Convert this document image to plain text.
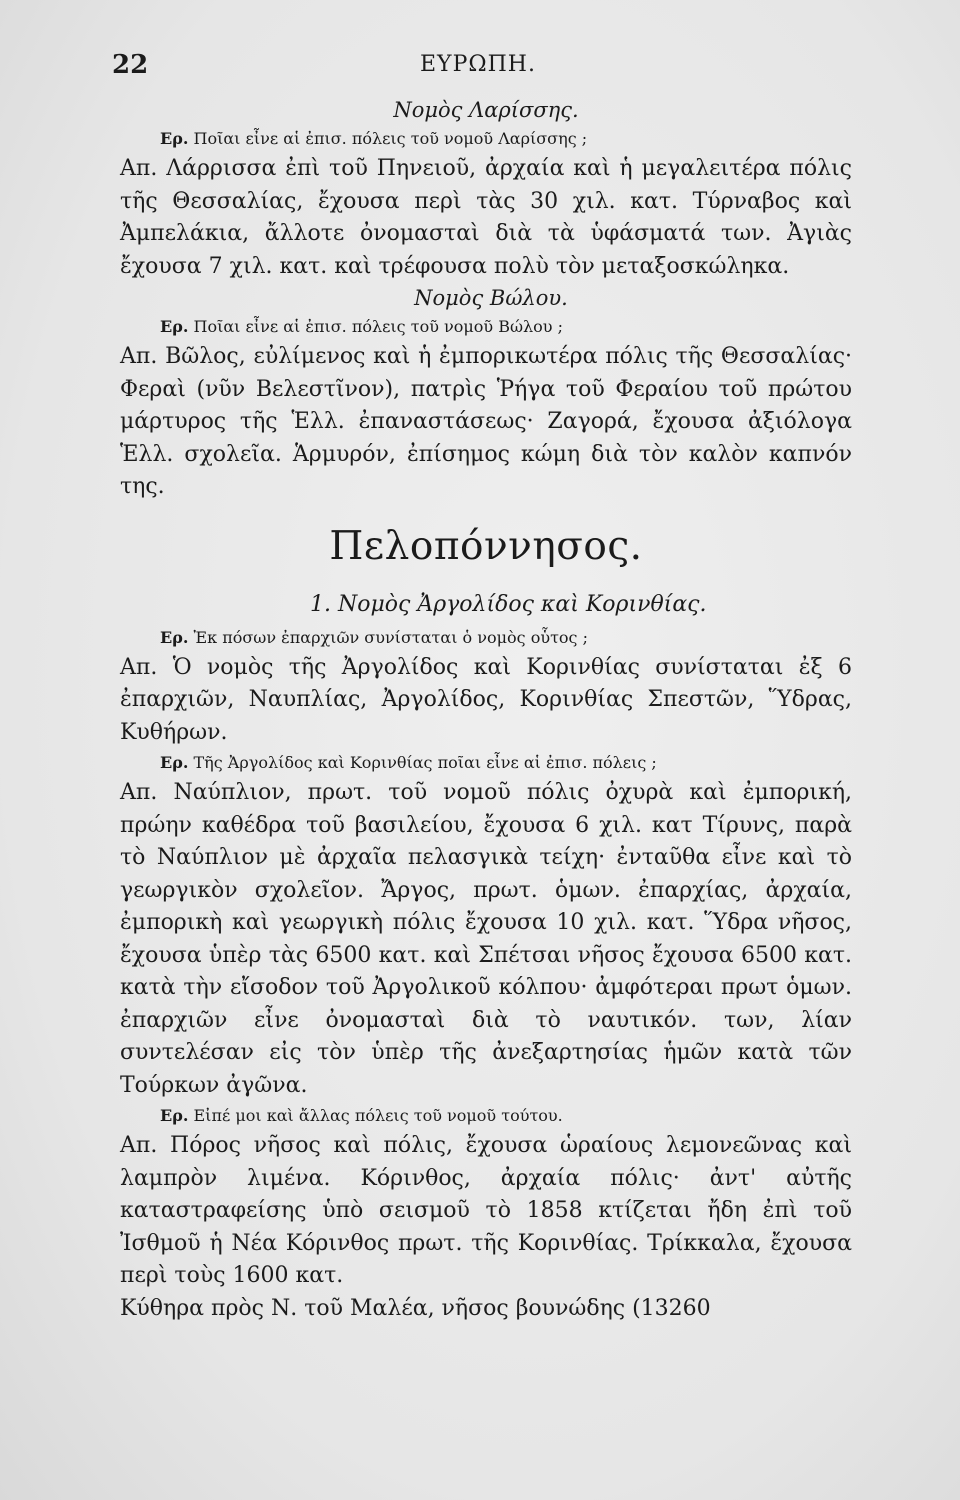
22	ΕΥΡΩΠΗ.

Νομὸς Λαρίσσης.

Ερ. Ποῖαι εἶνε αἱ ἐπισ. πόλεις τοῦ νομοῦ Λαρίσσης ;

Απ. Λάρρισσα ἐπὶ τοῦ Πηνειοῦ, ἀρχαία καὶ ἡ μεγαλειτέρα πόλις τῆς Θεσσαλίας, ἔχουσα περὶ τὰς 30 χιλ. κατ. Τύρναβος καὶ Ἀμπελάκια, ἄλλοτε ὀνομασταὶ διὰ τὰ ὑφάσματά των. Ἀγιὰς ἔχουσα 7 χιλ. κατ. καὶ τρέφουσα πολὺ τὸν μεταξοσκώληκα.

Νομὸς Βώλου.

Ερ. Ποῖαι εἶνε αἱ ἐπισ. πόλεις τοῦ νομοῦ Βώλου ;

Απ. Βῶλος, εὐλίμενος καὶ ἡ ἐμπορικωτέρα πόλις τῆς Θεσσαλίας· Φεραὶ (νῦν Βελεστῖνον), πατρὶς Ῥήγα τοῦ Φεραίου τοῦ πρώτου μάρτυρος τῆς Ἑλλ. ἐπαναστάσεως· Ζαγορά, ἔχουσα ἀξιόλογα Ἑλλ. σχολεῖα. Ἁρμυρόν, ἐπίσημος κώμη διὰ τὸν καλὸν καπνόν της.

Πελοπόννησος.

1. Νομὸς Ἀργολίδος καὶ Κορινθίας.

Ερ. Ἐκ πόσων ἐπαρχιῶν συνίσταται ὁ νομὸς οὗτος ;

Απ. Ὁ νομὸς τῆς Ἀργολίδος καὶ Κορινθίας συνίσταται ἐξ 6 ἐπαρχιῶν, Ναυπλίας, Ἀργολίδος, Κορινθίας Σπεστῶν, Ὕδρας, Κυθήρων.

Ερ. Τῆς Ἀργολίδος καὶ Κορινθίας ποῖαι εἶνε αἱ ἐπισ. πόλεις ;

Απ. Ναύπλιον, πρωτ. τοῦ νομοῦ πόλις ὀχυρὰ καὶ ἐμπορική, πρώην καθέδρα τοῦ βασιλείου, ἔχουσα 6 χιλ. κατ Τίρυνς, παρὰ τὸ Ναύπλιον μὲ ἀρχαῖα πελασγικὰ τείχη· ἐνταῦθα εἶνε καὶ τὸ γεωργικὸν σχολεῖον. Ἄργος, πρωτ. ὁμων. ἐπαρχίας, ἀρχαία, ἐμπορικὴ καὶ γεωργικὴ πόλις ἔχουσα 10 χιλ. κατ. Ὕδρα νῆσος, ἔχουσα ὑπὲρ τὰς 6500 κατ. καὶ Σπέτσαι νῆσος ἔχουσα 6500 κατ. κατὰ τὴν εἴσοδον τοῦ Ἀργολικοῦ κόλπου· ἀμφότεραι πρωτ ὁμων. ἐπαρχιῶν εἶνε ὀνομασταὶ διὰ τὸ ναυτικόν. των, λίαν συντελέσαν εἰς τὸν ὑπὲρ τῆς ἀνεξαρτησίας ἡμῶν κατὰ τῶν Τούρκων ἀγῶνα.

Ερ. Εἰπέ μοι καὶ ἄλλας πόλεις τοῦ νομοῦ τούτου.

Απ. Πόρος νῆσος καὶ πόλις, ἔχουσα ὡραίους λεμονεῶνας καὶ λαμπρὸν λιμένα. Κόρινθος, ἀρχαία πόλις· ἀντ' αὐτῆς καταστραφείσης ὑπὸ σεισμοῦ τὸ 1858 κτίζεται ἤδη ἐπὶ τοῦ Ἰσθμοῦ ἡ Νέα Κόρινθος πρωτ. τῆς Κορινθίας. Τρίκκαλα, ἔχουσα περὶ τοὺς 1600 κατ.

Κύθηρα πρὸς Ν. τοῦ Μαλέα, νῆσος βουνώδης (13260
